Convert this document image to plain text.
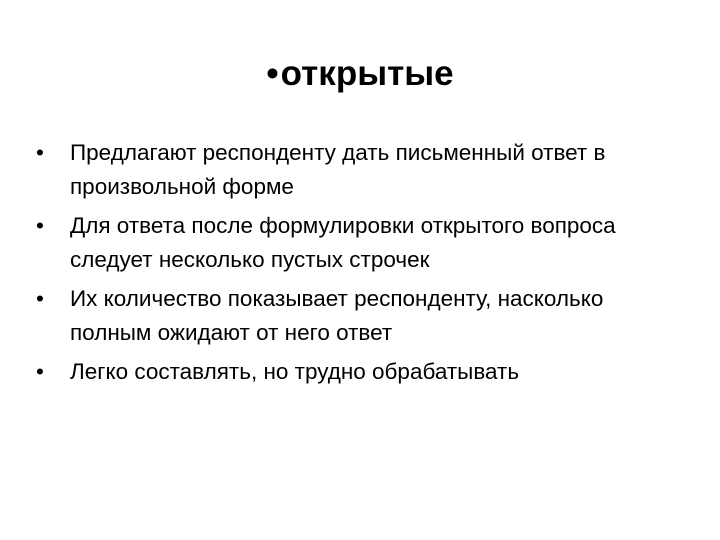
•открытые
• Предлагают респонденту дать письменный ответ в произвольной форме
• Для ответа после формулировки открытого вопроса следует несколько пустых строчек
• Их количество показывает респонденту, насколько полным ожидают от него ответ
• Легко составлять, но трудно обрабатывать
